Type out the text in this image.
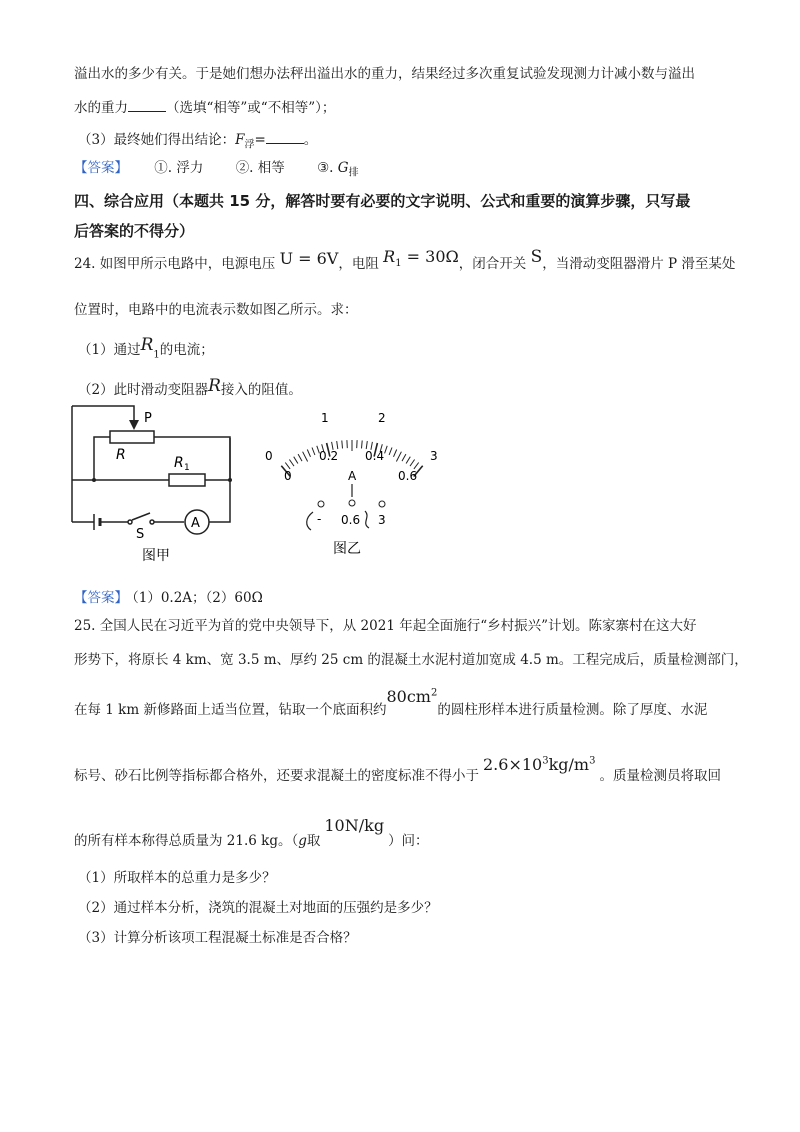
溢出水的多少有关。于是她们想办法秤出溢出水的重力，结果经过多次重复试验发现测力计减小数与溢出
水的重力	（选填“相等”或“不相等”）；
（3）最终她们得出结论：$F_浮=$	。
【答案】 ①. 浮力 ②. 相等 ③. $G_排$
四、综合应用（本题共 15 分，解答时要有必要的文字说明、公式和重要的演算步骤，只写最
后答案的不得分）
24. 如图甲所示电路中，电源电压 U = 6V，电阻 $R_1 = 30\Omega$，闭合开关 S，当滑动变阻器滑片 P 滑至某处
位置时，电路中的电流表示数如图乙所示。求：
（1）通过$R_1$的电流；
（2）此时滑动变阻器R接入的阻值。
P
R	R 1
S
A
图甲
0
1	2
3
0
0.2 0.4
0.6
A
- 0.6 3
图乙
【答案】 （1）0.2A；（2）60Ω
25. 全国人民在习近平为首的党中央领导下，从 2021 年起全面施行“乡村振兴”计划。陈家寨村在这大好
形势下，将原长 4 km、宽 3.5 m、厚约 25 cm 的混凝土水泥村道加宽成 4.5 m。工程完成后，质量检测部门，
在每 1 km 新修路面上适当位置，钻取一个底面积约$80cm^2$的圆柱形样本进行质量检测。除了厚度、水泥
标号、砂石比例等指标都合格外，还要求混凝土的密度标准不得小于$2.6\times 10^3kg/m^3$。质量检测员将取回
的所有样本称得总质量为 21.6 kg。（g取10N/kg）问：
（1）所取样本的总重力是多少？
（2）通过样本分析，浇筑的混凝土对地面的压强约是多少？
（3）计算分析该项工程混凝土标准是否合格？
